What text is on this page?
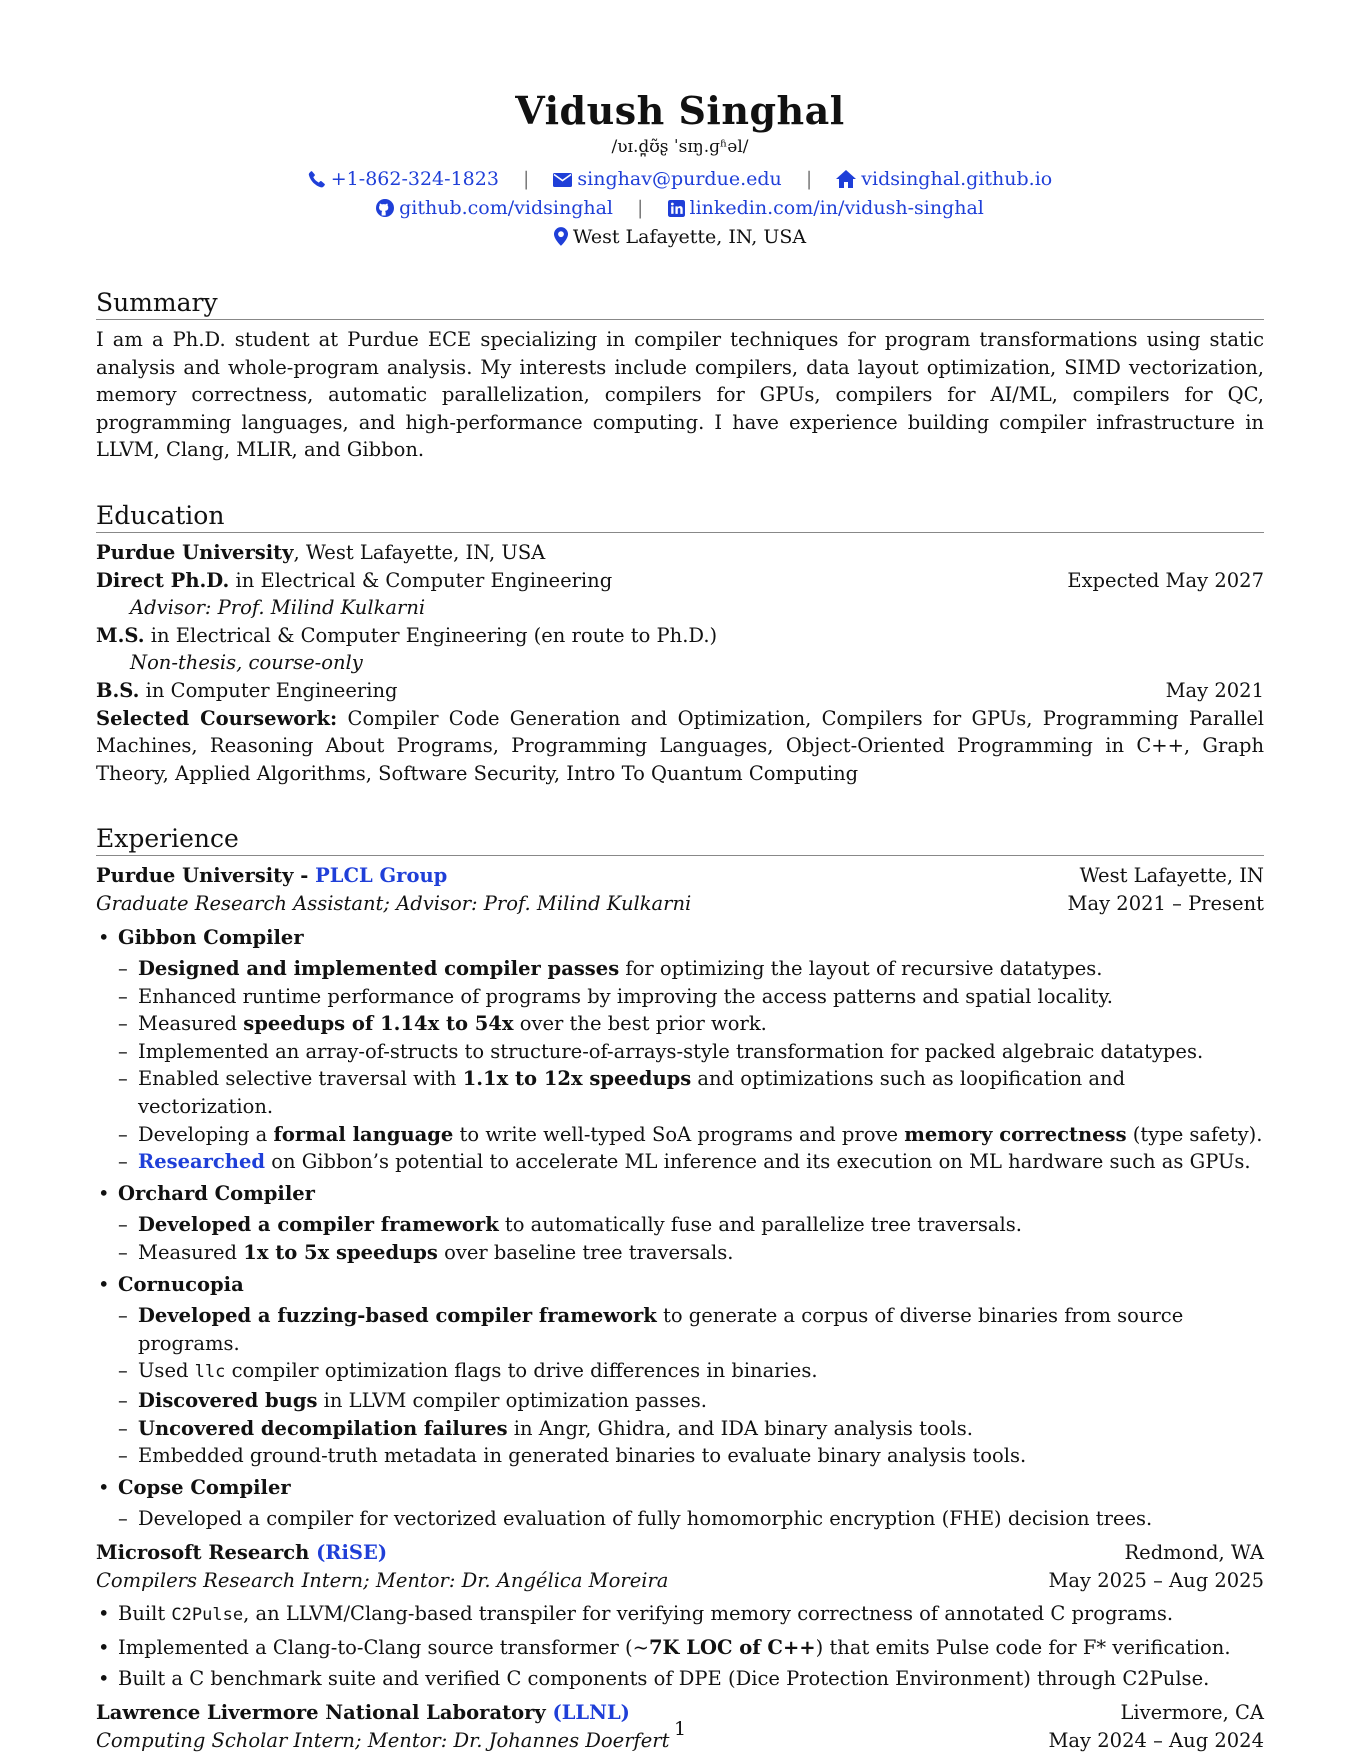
Vidush Singhal
/ʋɪ.d̪ʊ̃ʂ ˈsɪŋ.ɡʱəl/
+1-862-324-1823 |	singhav@purdue.edu |	vidsinghal.github.io
github.com/vidsinghal | linkedin.com/in/vidush-singhal
West Lafayette, IN, USA
Summary
I am a Ph.D. student at Purdue ECE specializing in compiler techniques for program transformations using static analysis and whole-program analysis. My interests include compilers, data layout optimization, SIMD vectorization, memory correctness, automatic parallelization, compilers for GPUs, compilers for AI/ML, compilers for QC, programming languages, and high-performance computing. I have experience building compiler infrastructure in LLVM, Clang, MLIR, and Gibbon.
Education
Purdue University, West Lafayette, IN, USA
Direct Ph.D. in Electrical & Computer Engineering	Expected May 2027
Advisor: Prof. Milind Kulkarni
M.S. in Electrical & Computer Engineering (en route to Ph.D.)
Non-thesis, course-only
B.S. in Computer Engineering	May 2021
Selected Coursework: Compiler Code Generation and Optimization, Compilers for GPUs, Programming Parallel Machines, Reasoning About Programs, Programming Languages, Object-Oriented Programming in C++, Graph Theory, Applied Algorithms, Software Security, Intro To Quantum Computing
Experience
Purdue University - PLCL Group	West Lafayette, IN
Graduate Research Assistant; Advisor: Prof. Milind Kulkarni	May 2021 – Present
• Gibbon Compiler
– Designed and implemented compiler passes for optimizing the layout of recursive datatypes.
– Enhanced runtime performance of programs by improving the access patterns and spatial locality.
– Measured speedups of 1.14x to 54x over the best prior work.
– Implemented an array-of-structs to structure-of-arrays-style transformation for packed algebraic datatypes.
– Enabled selective traversal with 1.1x to 12x speedups and optimizations such as loopification and vectorization.
– Developing a formal language to write well-typed SoA programs and prove memory correctness (type safety).
– Researched on Gibbon’s potential to accelerate ML inference and its execution on ML hardware such as GPUs.
• Orchard Compiler
– Developed a compiler framework to automatically fuse and parallelize tree traversals.
– Measured 1x to 5x speedups over baseline tree traversals.
• Cornucopia
– Developed a fuzzing-based compiler framework to generate a corpus of diverse binaries from source programs.
– Used llc compiler optimization flags to drive differences in binaries.
– Discovered bugs in LLVM compiler optimization passes.
– Uncovered decompilation failures in Angr, Ghidra, and IDA binary analysis tools.
– Embedded ground-truth metadata in generated binaries to evaluate binary analysis tools.
• Copse Compiler
– Developed a compiler for vectorized evaluation of fully homomorphic encryption (FHE) decision trees.
Microsoft Research (RiSE)	Redmond, WA
Compilers Research Intern; Mentor: Dr. Angélica Moreira	May 2025 – Aug 2025
• Built C2Pulse, an LLVM/Clang-based transpiler for verifying memory correctness of annotated C programs.
• Implemented a Clang-to-Clang source transformer (~7K LOC of C++) that emits Pulse code for F* verification.
• Built a C benchmark suite and verified C components of DPE (Dice Protection Environment) through C2Pulse.
Lawrence Livermore National Laboratory (LLNL)	Livermore, CA
Computing Scholar Intern; Mentor: Dr. Johannes Doerfert	May 2024 – Aug 2024
1
